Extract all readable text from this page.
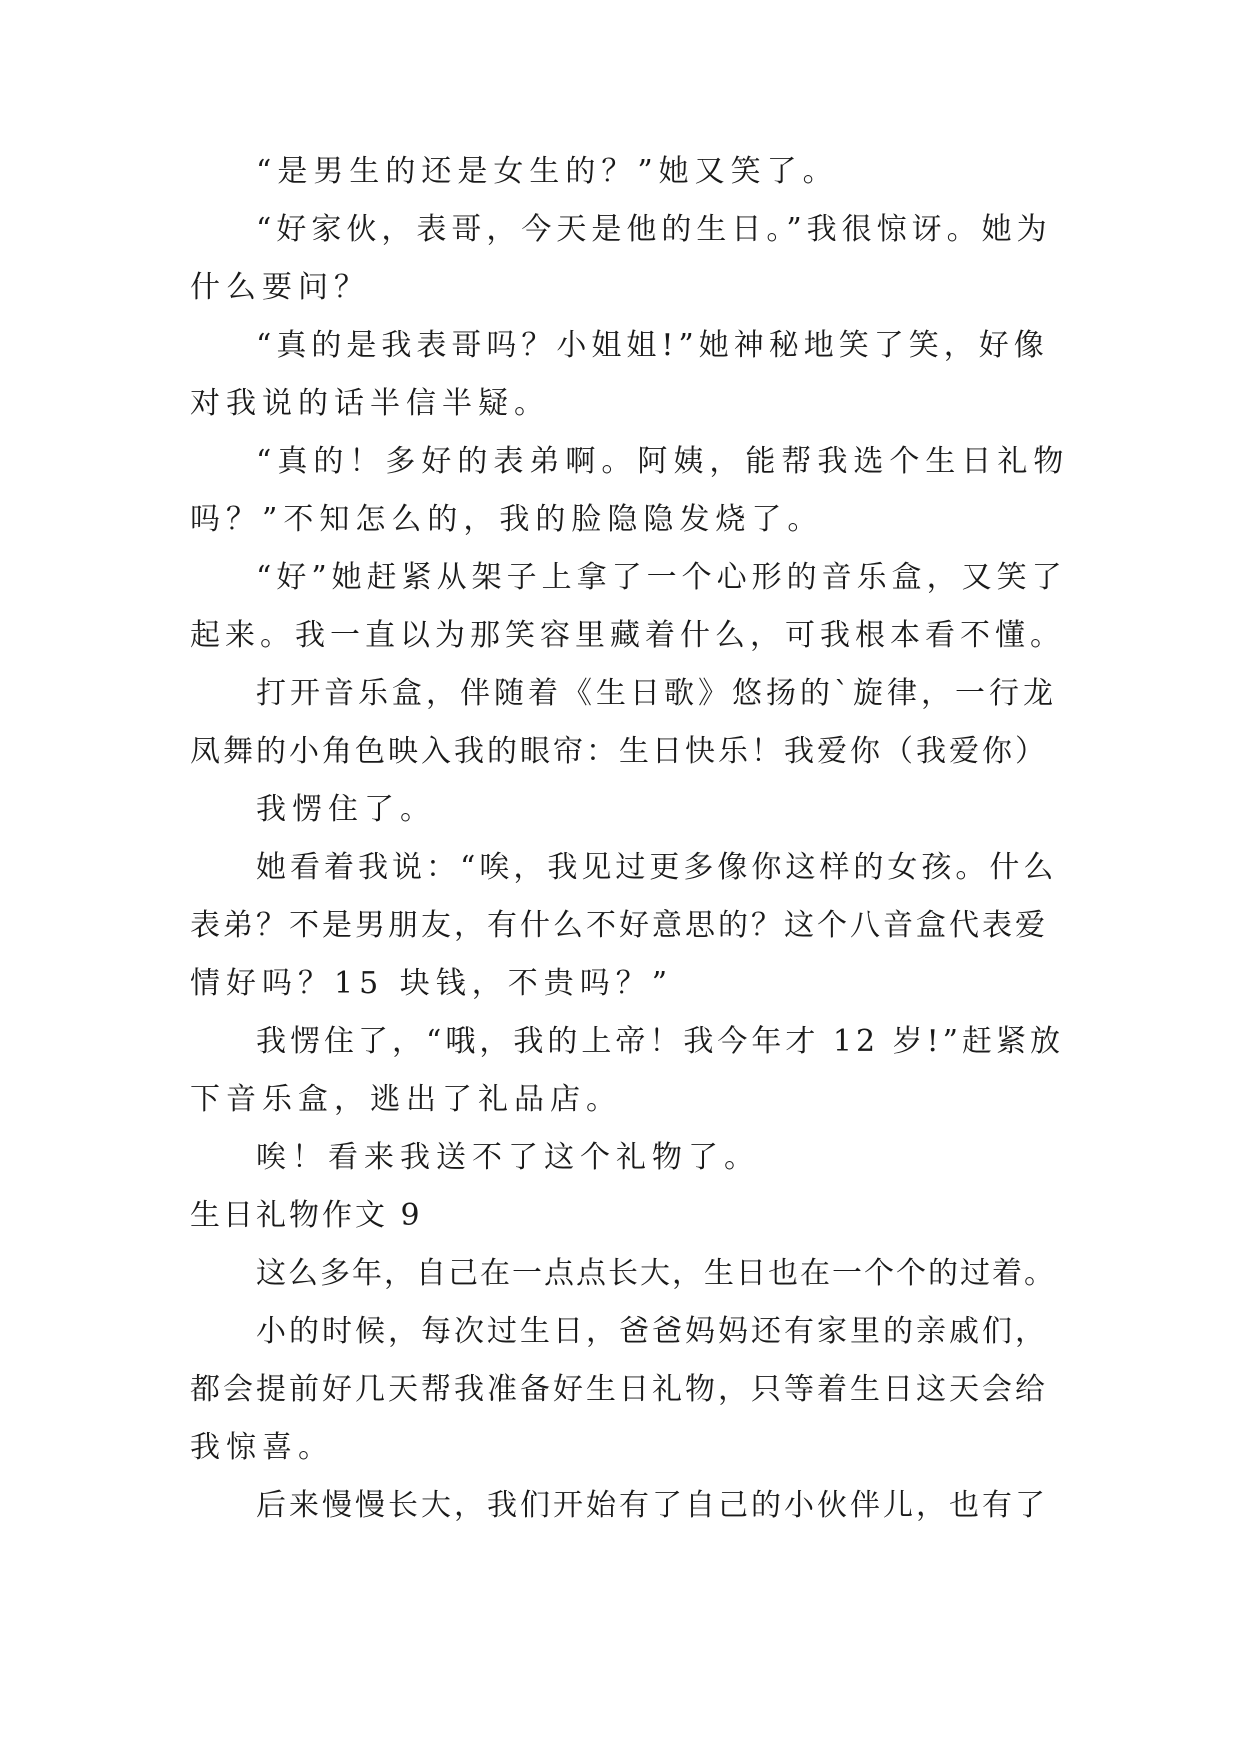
“是男生的还是女生的？”她又笑了。
“好家伙，表哥，今天是他的生日。”我很惊讶。她为
什么要问？
“真的是我表哥吗？小姐姐!”她神秘地笑了笑，好像
对我说的话半信半疑。
“真的！多好的表弟啊。阿姨，能帮我选个生日礼物
吗？”不知怎么的，我的脸隐隐发烧了。
“好”她赶紧从架子上拿了一个心形的音乐盒，又笑了
起来。我一直以为那笑容里藏着什么，可我根本看不懂。
打开音乐盒，伴随着《生日歌》悠扬的`旋律，一行龙
凤舞的小角色映入我的眼帘：生日快乐！我爱你（我爱你）
我愣住了。
她看着我说：“唉，我见过更多像你这样的女孩。什么
表弟？不是男朋友，有什么不好意思的？这个八音盒代表爱
情好吗？15 块钱，不贵吗？”
我愣住了，“哦，我的上帝！我今年才 12 岁!”赶紧放
下音乐盒，逃出了礼品店。
唉！看来我送不了这个礼物了。
生日礼物作文 9
这么多年，自己在一点点长大，生日也在一个个的过着。
小的时候，每次过生日，爸爸妈妈还有家里的亲戚们，
都会提前好几天帮我准备好生日礼物，只等着生日这天会给
我惊喜。
后来慢慢长大，我们开始有了自己的小伙伴儿，也有了
